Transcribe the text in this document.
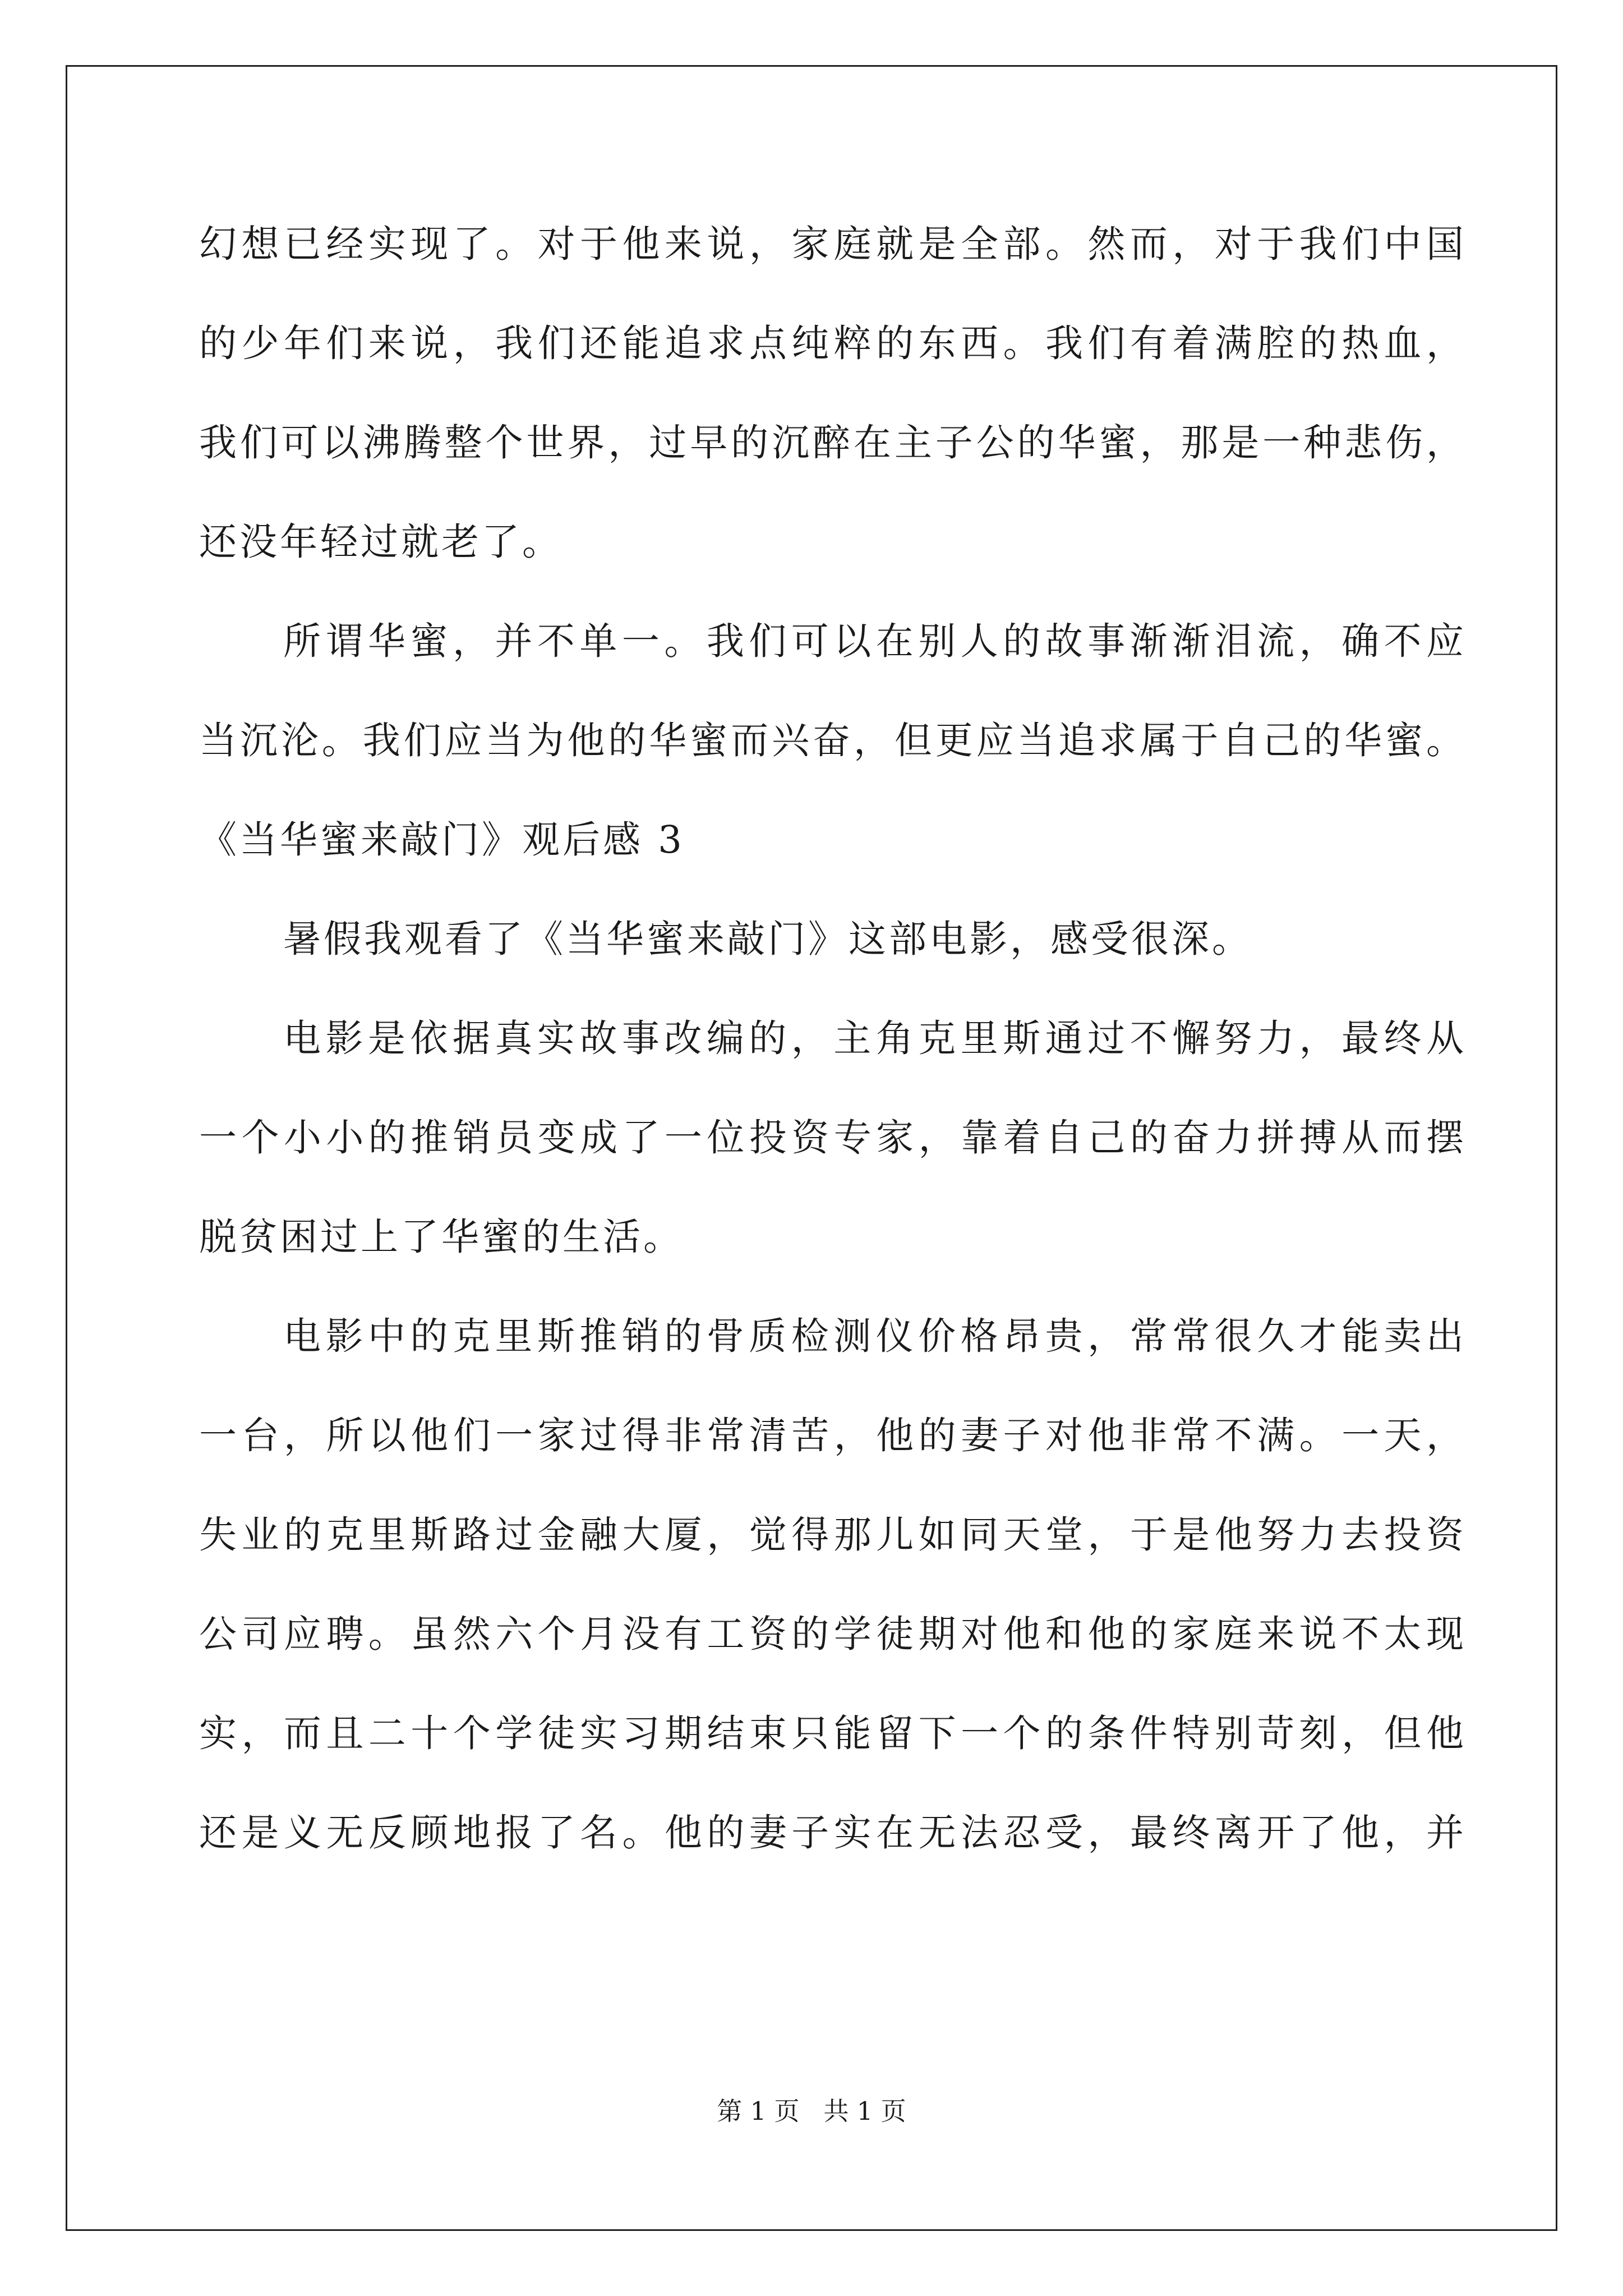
幻想已经实现了。对于他来说，家庭就是全部。然而，对于我们中国
的少年们来说，我们还能追求点纯粹的东西。我们有着满腔的热血，
我们可以沸腾整个世界，过早的沉醉在主子公的华蜜，那是一种悲伤，
还没年轻过就老了。
所谓华蜜，并不单一。我们可以在别人的故事渐渐泪流，确不应
当沉沦。我们应当为他的华蜜而兴奋，但更应当追求属于自己的华蜜。
《当华蜜来敲门》观后感 3
暑假我观看了《当华蜜来敲门》这部电影，感受很深。
电影是依据真实故事改编的，主角克里斯通过不懈努力，最终从
一个小小的推销员变成了一位投资专家，靠着自己的奋力拼搏从而摆
脱贫困过上了华蜜的生活。
电影中的克里斯推销的骨质检测仪价格昂贵，常常很久才能卖出
一台，所以他们一家过得非常清苦，他的妻子对他非常不满。一天，
失业的克里斯路过金融大厦，觉得那儿如同天堂，于是他努力去投资
公司应聘。虽然六个月没有工资的学徒期对他和他的家庭来说不太现
实，而且二十个学徒实习期结束只能留下一个的条件特别苛刻，但他
还是义无反顾地报了名。他的妻子实在无法忍受，最终离开了他，并
第 1 页   共 1 页
